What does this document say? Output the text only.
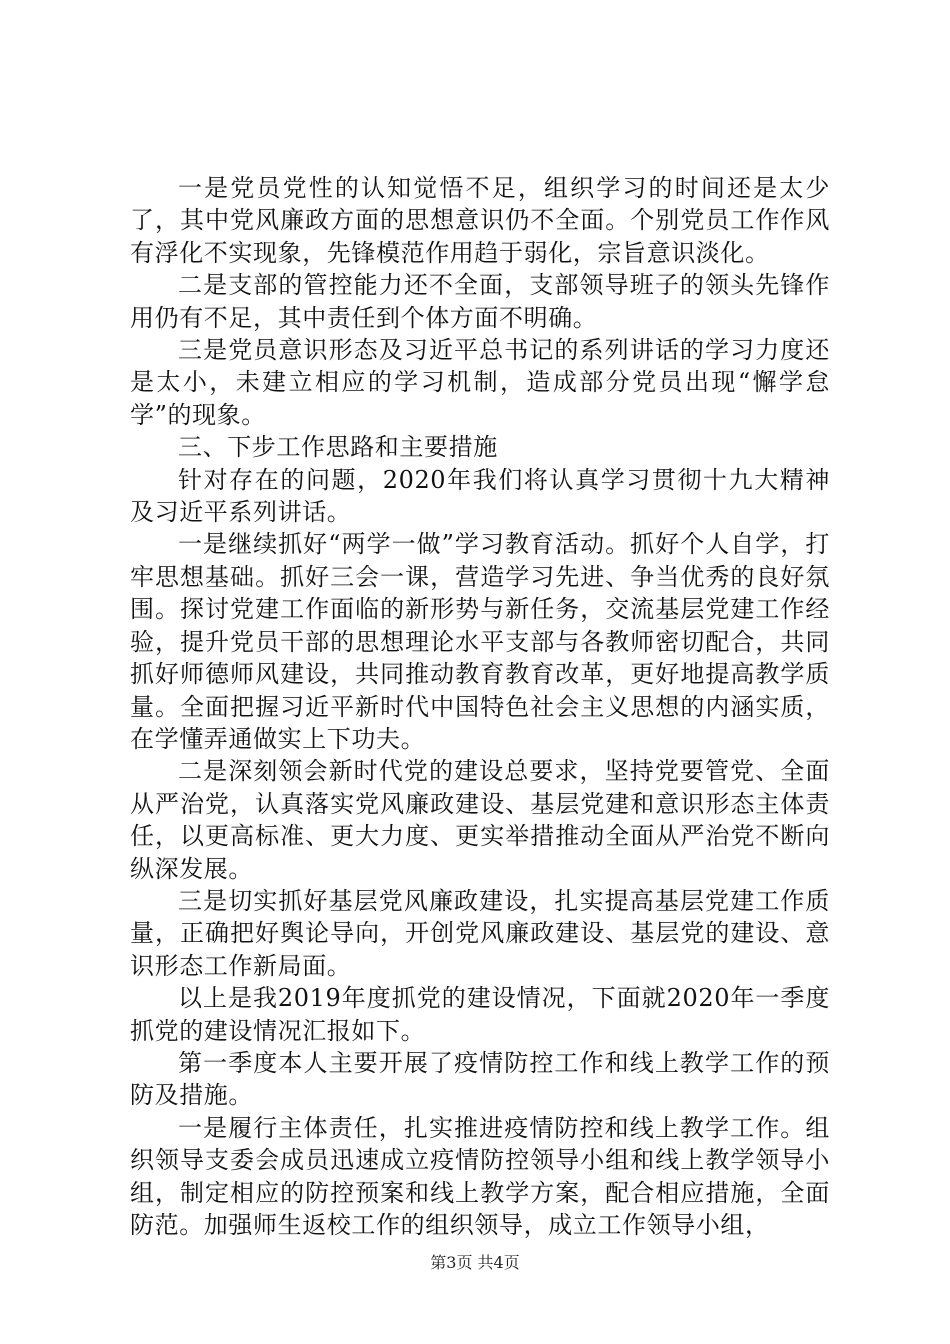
一是党员党性的认知觉悟不足，组织学习的时间还是太少了，其中党风廉政方面的思想意识仍不全面。个别党员工作作风有浮化不实现象，先锋模范作用趋于弱化，宗旨意识淡化。

二是支部的管控能力还不全面，支部领导班子的领头先锋作用仍有不足，其中责任到个体方面不明确。

三是党员意识形态及习近平总书记的系列讲话的学习力度还是太小，未建立相应的学习机制，造成部分党员出现“懈学怠学”的现象。

三、下步工作思路和主要措施

针对存在的问题，2020年我们将认真学习贯彻十九大精神及习近平系列讲话。

一是继续抓好“两学一做”学习教育活动。抓好个人自学，打牢思想基础。抓好三会一课，营造学习先进、争当优秀的良好氛围。探讨党建工作面临的新形势与新任务，交流基层党建工作经验，提升党员干部的思想理论水平支部与各教师密切配合，共同抓好师德师风建设，共同推动教育教育改革，更好地提高教学质量。全面把握习近平新时代中国特色社会主义思想的内涵实质，在学懂弄通做实上下功夫。

二是深刻领会新时代党的建设总要求，坚持党要管党、全面从严治党，认真落实党风廉政建设、基层党建和意识形态主体责任，以更高标准、更大力度、更实举措推动全面从严治党不断向纵深发展。

三是切实抓好基层党风廉政建设，扎实提高基层党建工作质量，正确把好舆论导向，开创党风廉政建设、基层党的建设、意识形态工作新局面。

以上是我2019年度抓党的建设情况，下面就2020年一季度抓党的建设情况汇报如下。

第一季度本人主要开展了疫情防控工作和线上教学工作的预防及措施。

一是履行主体责任，扎实推进疫情防控和线上教学工作。组织领导支委会成员迅速成立疫情防控领导小组和线上教学领导小组，制定相应的防控预案和线上教学方案，配合相应措施，全面防范。加强师生返校工作的组织领导，成立工作领导小组，

第3页 共4页
